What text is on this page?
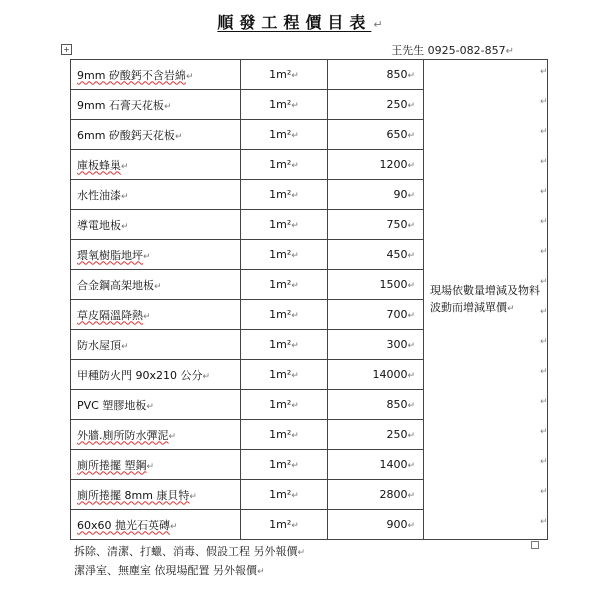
順發工程價目表 ↵
+	王先生 0925-082-857↵
9mm 矽酸鈣不含岩綿↵	1m²↵	850↵	現場依數量增減及物料波動而增減單價↵
9mm 石膏天花板↵	1m²↵	250↵	
6mm 矽酸鈣天花板↵	1m²↵	650↵	
庫板蜂巢↵	1m²↵	1200↵	
水性油漆↵	1m²↵	90↵	
導電地板↵	1m²↵	750↵	
環氧樹脂地坪↵	1m²↵	450↵	
合金鋼高架地板↵	1m²↵	1500↵	
草皮隔溫降熱↵	1m²↵	700↵	
防水屋頂↵	1m²↵	300↵	
甲種防火門 90x210 公分↵	1m²↵	14000↵	
PVC 塑膠地板↵	1m²↵	850↵	
外牆.廁所防水彈泥↵	1m²↵	250↵	
廁所捲擺 塑鋼↵	1m²↵	1400↵	
廁所捲擺 8mm 康貝特↵	1m²↵	2800↵	
60x60 拋光石英磚↵	1m²↵	900↵	
拆除、清潔、打蠟、消毒、假設工程 另外報價↵
潔淨室、無塵室 依現場配置 另外報價↵
↵
↵
↵
↵
↵
↵
↵
↵
↵
↵
↵
↵
↵
↵
↵
↵
